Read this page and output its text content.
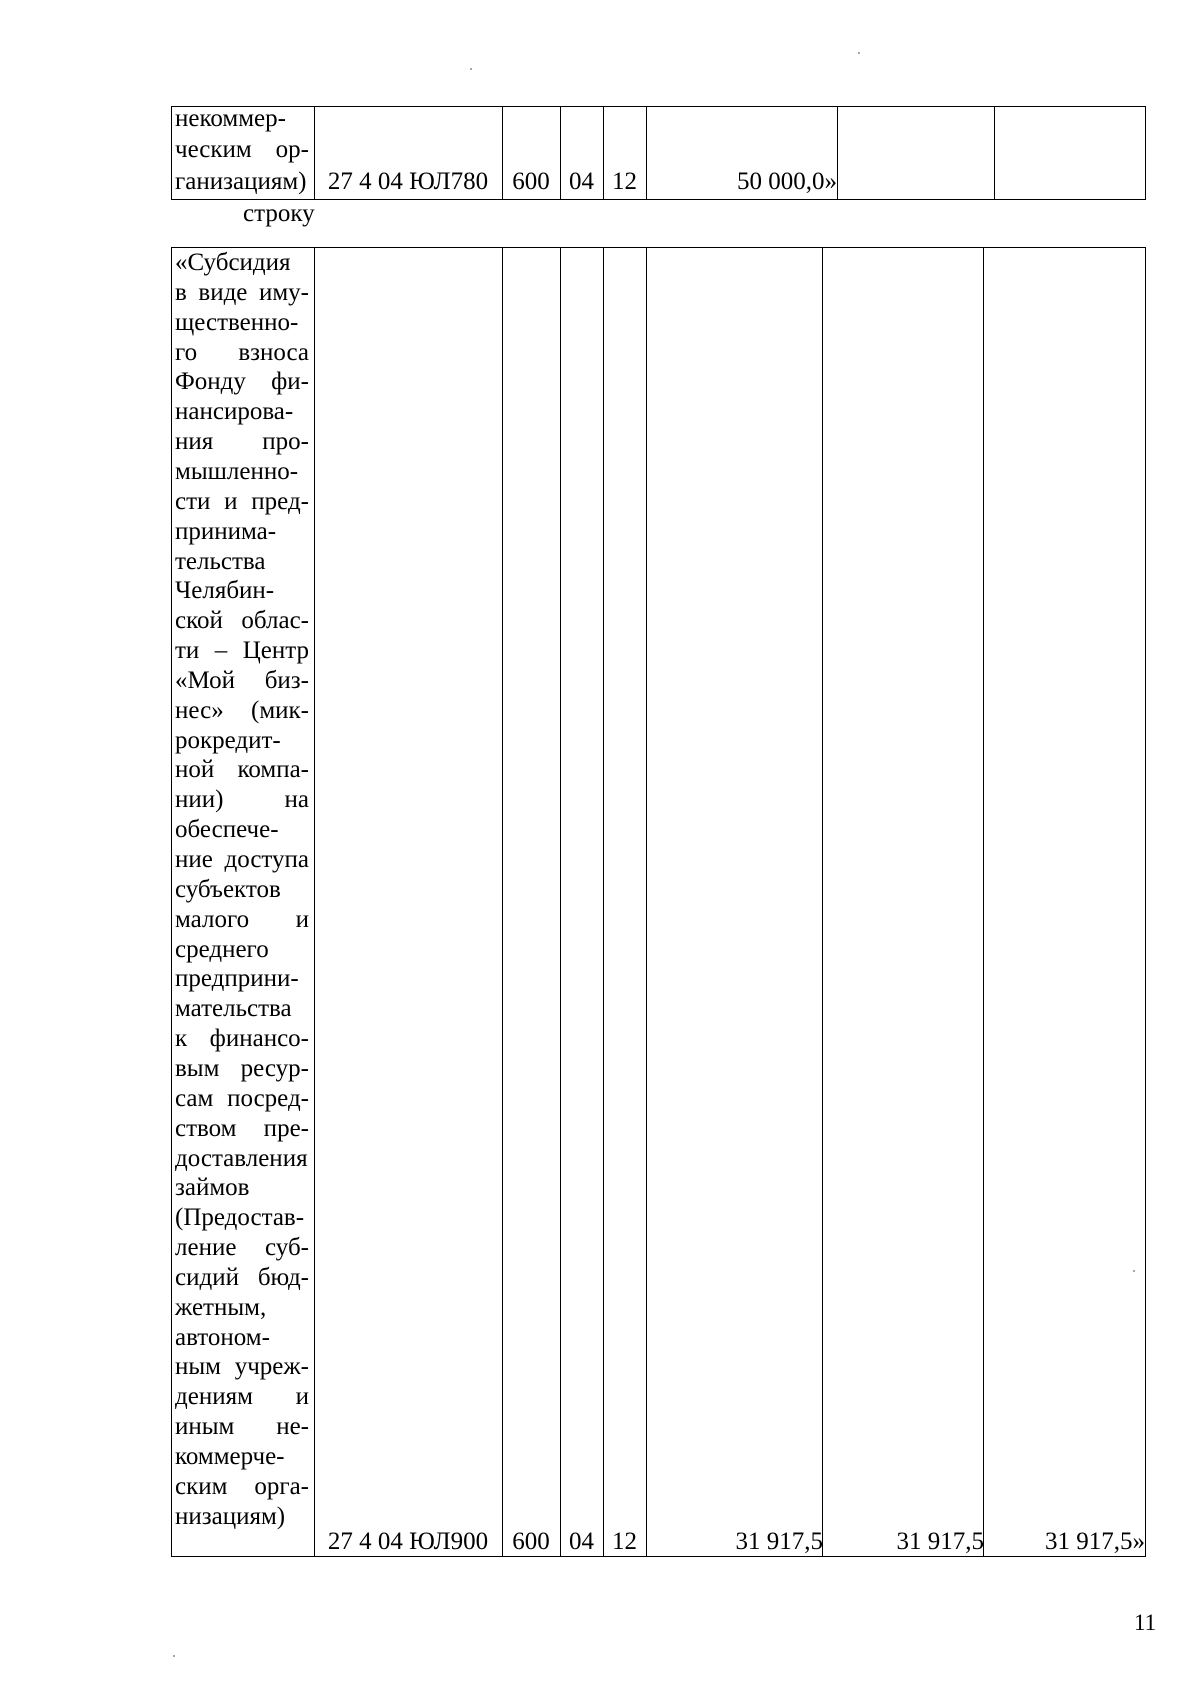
некоммер-
ческим ор-
ганизациям) 27 4 04 ЮЛ780 600 04 12	50 000,0»
строку
«Субсидия
в виде иму-
щественно-
го взноса
Фонду фи-
нансирова-
ния про-
мышленно-
сти и пред-
принима-
тельства
Челябин-
ской облас-
ти – Центр
«Мой биз-
нес» (мик-
рокредит-
ной компа-
нии) на
обеспече-
ние доступа
субъектов
малого и
среднего
предприни-
мательства
к финансо-
вым ресур-
сам посред-
ством пре-
доставления
займов
(Предостав-
ление суб-
сидий бюд-
жетным,
автоном-
ным учреж-
дениям и
иным не-
коммерче-
ским орга-
низациям)
27 4 04 ЮЛ900 600 04 12	31 917,5	31 917,5	31 917,5»
11
